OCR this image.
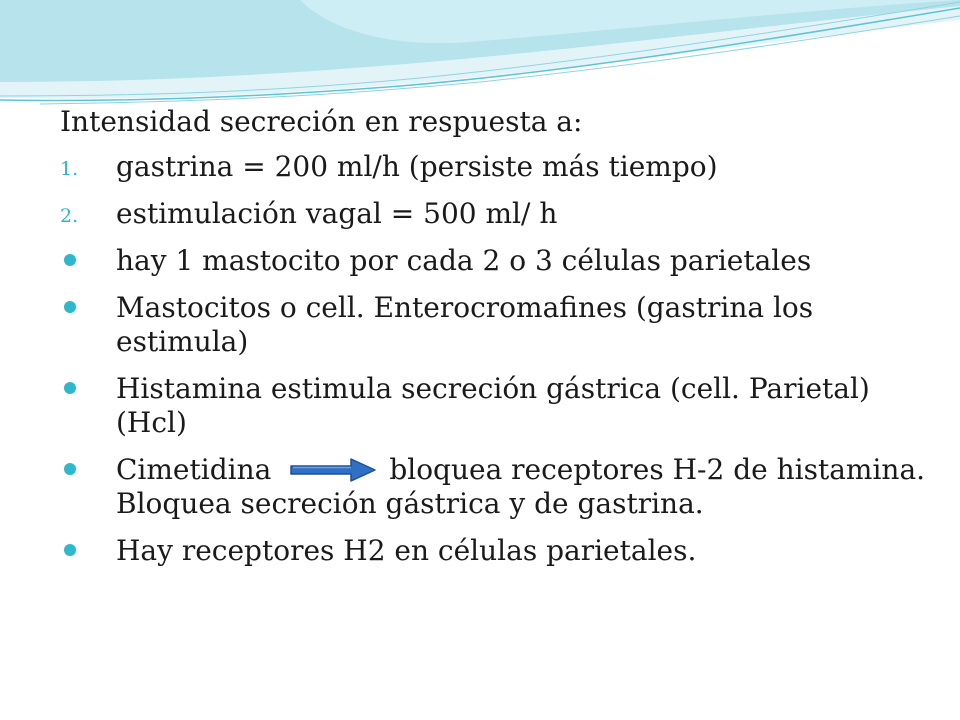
Intensidad secreción en respuesta a:
1. gastrina = 200 ml/h (persiste más tiempo)
2. estimulación vagal = 500 ml/ h
hay 1 mastocito por cada 2 o 3 células parietales
Mastocitos o cell. Enterocromafines (gastrina los estimula)
Histamina estimula secreción gástrica (cell. Parietal) (Hcl)
Cimetidina	bloquea receptores H-2 de histamina. Bloquea secreción gástrica y de gastrina.
Hay receptores H2 en células parietales.
